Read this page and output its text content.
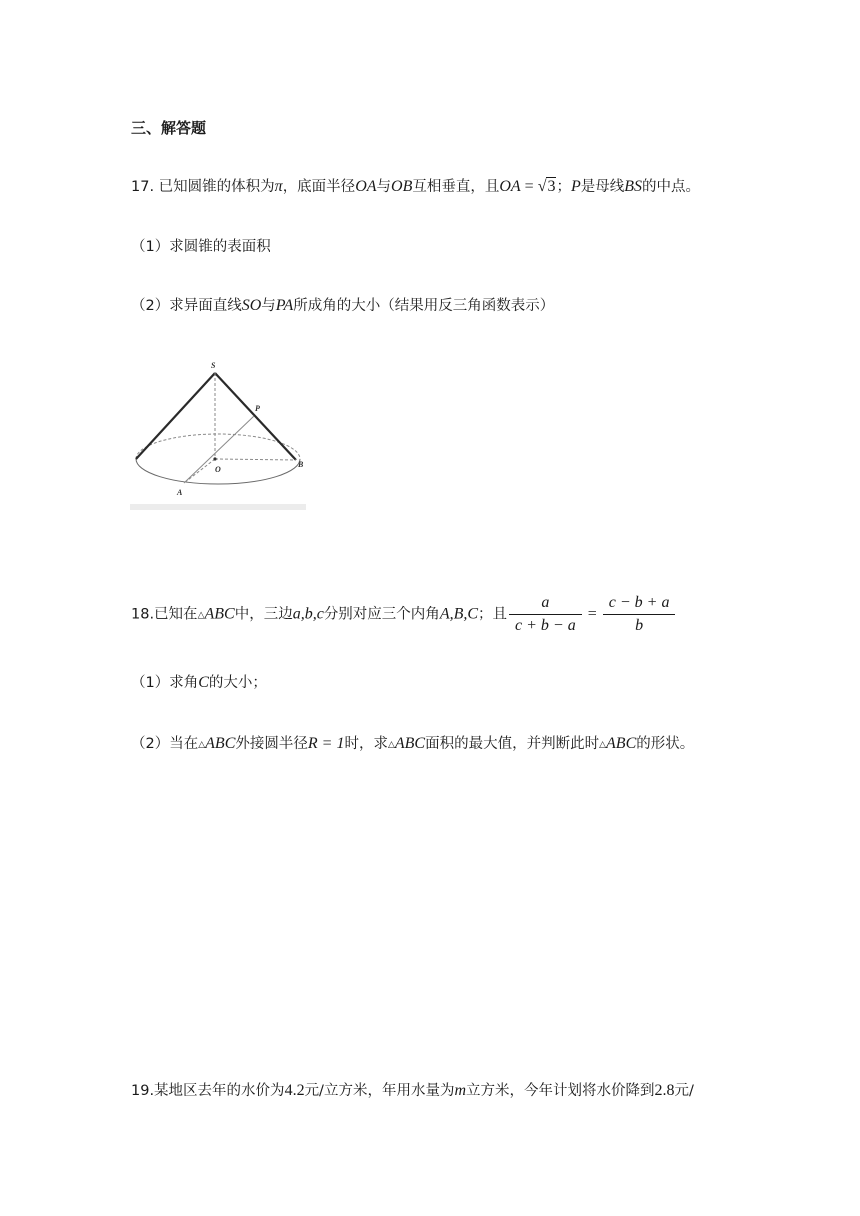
三、解答题
17. 已知圆锥的体积为π，底面半径OA与OB互相垂直，且OA = √3；P是母线BS的中点。
（1）求圆锥的表面积
（2）求异面直线SO与PA所成角的大小（结果用反三角函数表示）
S
P
O
A
B
18.已知在△ABC中，三边a,b,c分别对应三个内角A,B,C；且 $\frac{a}{c + b - a} = \frac{c - b + a}{b}$
（1）求角C的大小；
（2）当在△ABC外接圆半径R = 1时，求△ABC面积的最大值，并判断此时△ABC的形状。
19.某地区去年的水价为4.2元/立方米，年用水量为m立方米，今年计划将水价降到2.8元/
